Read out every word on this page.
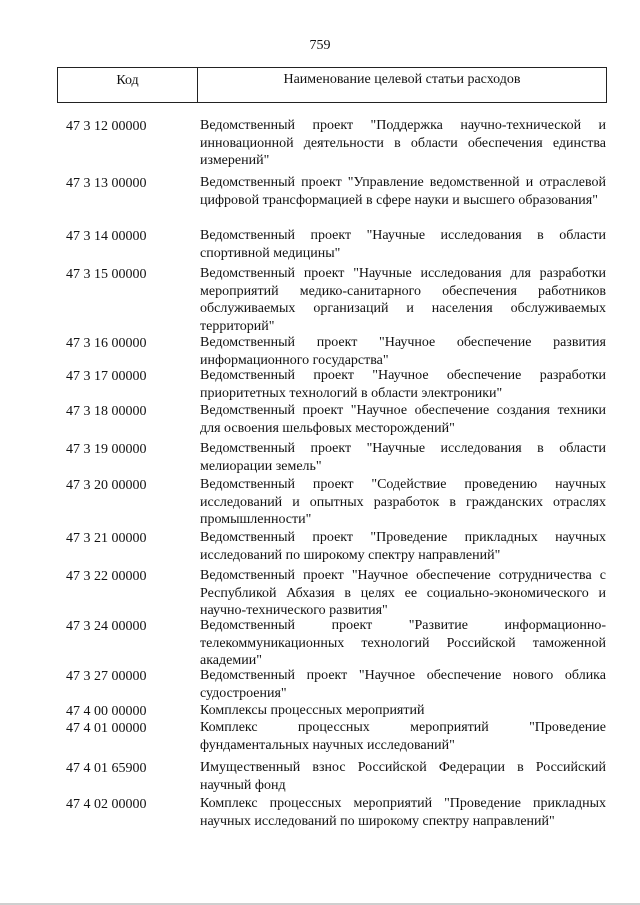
759
Код	Наименование целевой статьи расходов
47 3 12 00000	Ведомственный проект "Поддержка научно-технической и инновационной деятельности в области обеспечения единства измерений"
47 3 13 00000	Ведомственный проект "Управление ведомственной и отраслевой цифровой трансформацией в сфере науки и высшего образования"
47 3 14 00000	Ведомственный проект "Научные исследования в области спортивной медицины"
47 3 15 00000	Ведомственный проект "Научные исследования для разработки мероприятий медико-санитарного обеспечения работников обслуживаемых организаций и населения обслуживаемых территорий"
47 3 16 00000	Ведомственный проект "Научное обеспечение развития информационного государства"
47 3 17 00000	Ведомственный проект "Научное обеспечение разработки приоритетных технологий в области электроники"
47 3 18 00000	Ведомственный проект "Научное обеспечение создания техники для освоения шельфовых месторождений"
47 3 19 00000	Ведомственный проект "Научные исследования в области мелиорации земель"
47 3 20 00000	Ведомственный проект "Содействие проведению научных исследований и опытных разработок в гражданских отраслях промышленности"
47 3 21 00000	Ведомственный проект "Проведение прикладных научных исследований по широкому спектру направлений"
47 3 22 00000	Ведомственный проект "Научное обеспечение сотрудничества с Республикой Абхазия в целях ее социально-экономического и научно-технического развития"
47 3 24 00000	Ведомственный проект "Развитие информационно-телекоммуникационных технологий Российской таможенной академии"
47 3 27 00000	Ведомственный проект "Научное обеспечение нового облика судостроения"
47 4 00 00000	Комплексы процессных мероприятий
47 4 01 00000	Комплекс процессных мероприятий "Проведение фундаментальных научных исследований"
47 4 01 65900	Имущественный взнос Российской Федерации в Российский научный фонд
47 4 02 00000	Комплекс процессных мероприятий "Проведение прикладных научных исследований по широкому спектру направлений"
